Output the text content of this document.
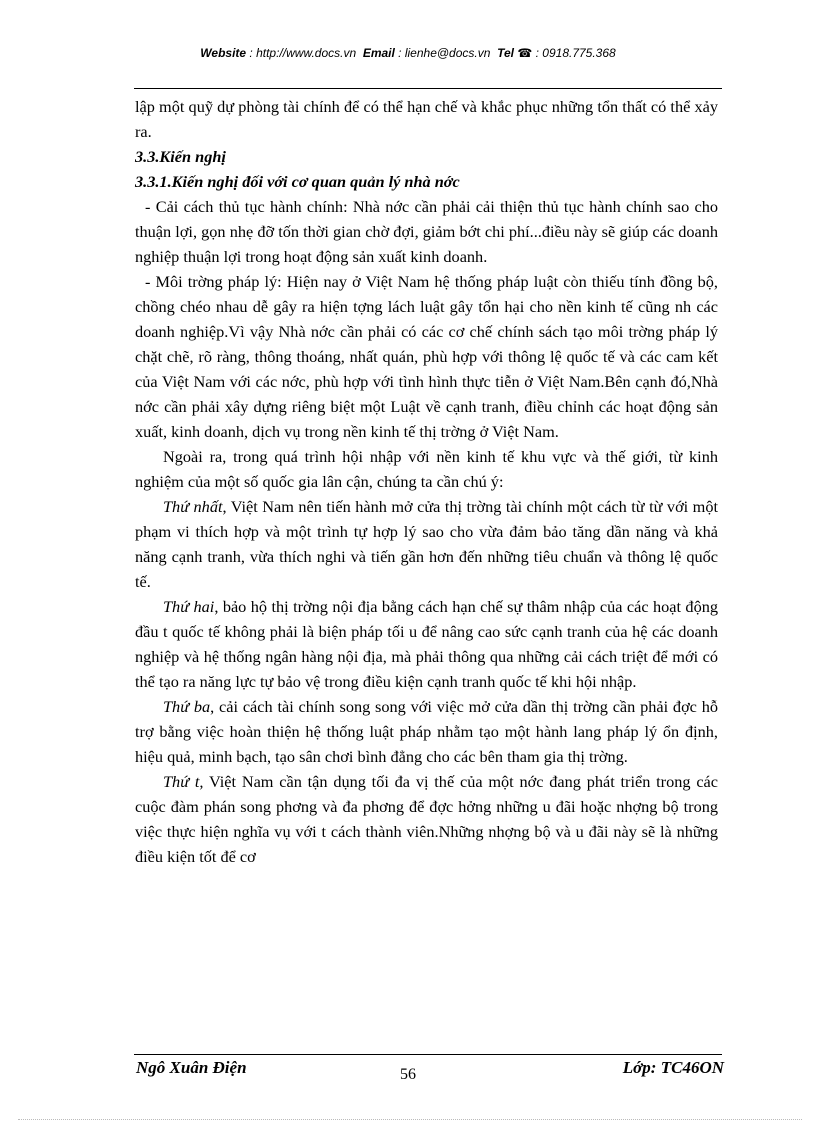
Website : http://www.docs.vn Email : lienhe@docs.vn Tel ☎ : 0918.775.368

lập một quỹ dự phòng tài chính để có thể hạn chế và khắc phục những tổn thất có thể xảy ra.

3.3.Kiến nghị

3.3.1.Kiến nghị đối với cơ quan quản lý nhà nớc

- Cải cách thủ tục hành chính: Nhà nớc cần phải cải thiện thủ tục hành chính sao cho thuận lợi, gọn nhẹ đỡ tốn thời gian chờ đợi, giảm bớt chi phí...điều này sẽ giúp các doanh nghiệp thuận lợi trong hoạt động sản xuất kinh doanh.

- Môi trờng pháp lý: Hiện nay ở Việt Nam hệ thống pháp luật còn thiếu tính đồng bộ, chồng chéo nhau dễ gây ra hiện tợng lách luật gây tổn hại cho nền kinh tế cũng nh các doanh nghiệp.Vì vậy Nhà nớc cần phải có các cơ chế chính sách tạo môi trờng pháp lý chặt chẽ, rõ ràng, thông thoáng, nhất quán, phù hợp với thông lệ quốc tế và các cam kết của Việt Nam với các nớc, phù hợp với tình hình thực tiễn ở Việt Nam.Bên cạnh đó,Nhà nớc cần phải xây dựng riêng biệt một Luật về cạnh tranh, điều chỉnh các hoạt động sản xuất, kinh doanh, dịch vụ trong nền kinh tế thị trờng ở Việt Nam.

Ngoài ra, trong quá trình hội nhập với nền kinh tế khu vực và thế giới, từ kinh nghiệm của một số quốc gia lân cận, chúng ta cần chú ý:

Thứ nhất, Việt Nam nên tiến hành mở cửa thị trờng tài chính một cách từ từ với một phạm vi thích hợp và một trình tự hợp lý sao cho vừa đảm bảo tăng dần năng và khả năng cạnh tranh, vừa thích nghi và tiến gần hơn đến những tiêu chuẩn và thông lệ quốc tế.

Thứ hai, bảo hộ thị trờng nội địa bằng cách hạn chế sự thâm nhập của các hoạt động đầu t quốc tế không phải là biện pháp tối u để nâng cao sức cạnh tranh của hệ các doanh nghiệp và hệ thống ngân hàng nội địa, mà phải thông qua những cải cách triệt để mới có thể tạo ra năng lực tự bảo vệ trong điều kiện cạnh tranh quốc tế khi hội nhập.

Thứ ba, cải cách tài chính song song với việc mở cửa dần thị trờng cần phải đợc hỗ trợ bằng việc hoàn thiện hệ thống luật pháp nhằm tạo một hành lang pháp lý ổn định, hiệu quả, minh bạch, tạo sân chơi bình đẳng cho các bên tham gia thị trờng.

Thứ t, Việt Nam cần tận dụng tối đa vị thế của một nớc đang phát triển trong các cuộc đàm phán song phơng và đa phơng để đợc hởng những u đãi hoặc nhợng bộ trong việc thực hiện nghĩa vụ với t cách thành viên.Những nhợng bộ và u đãi này sẽ là những điều kiện tốt để cơ

Ngô Xuân Điện	56	Lớp: TC46ON
